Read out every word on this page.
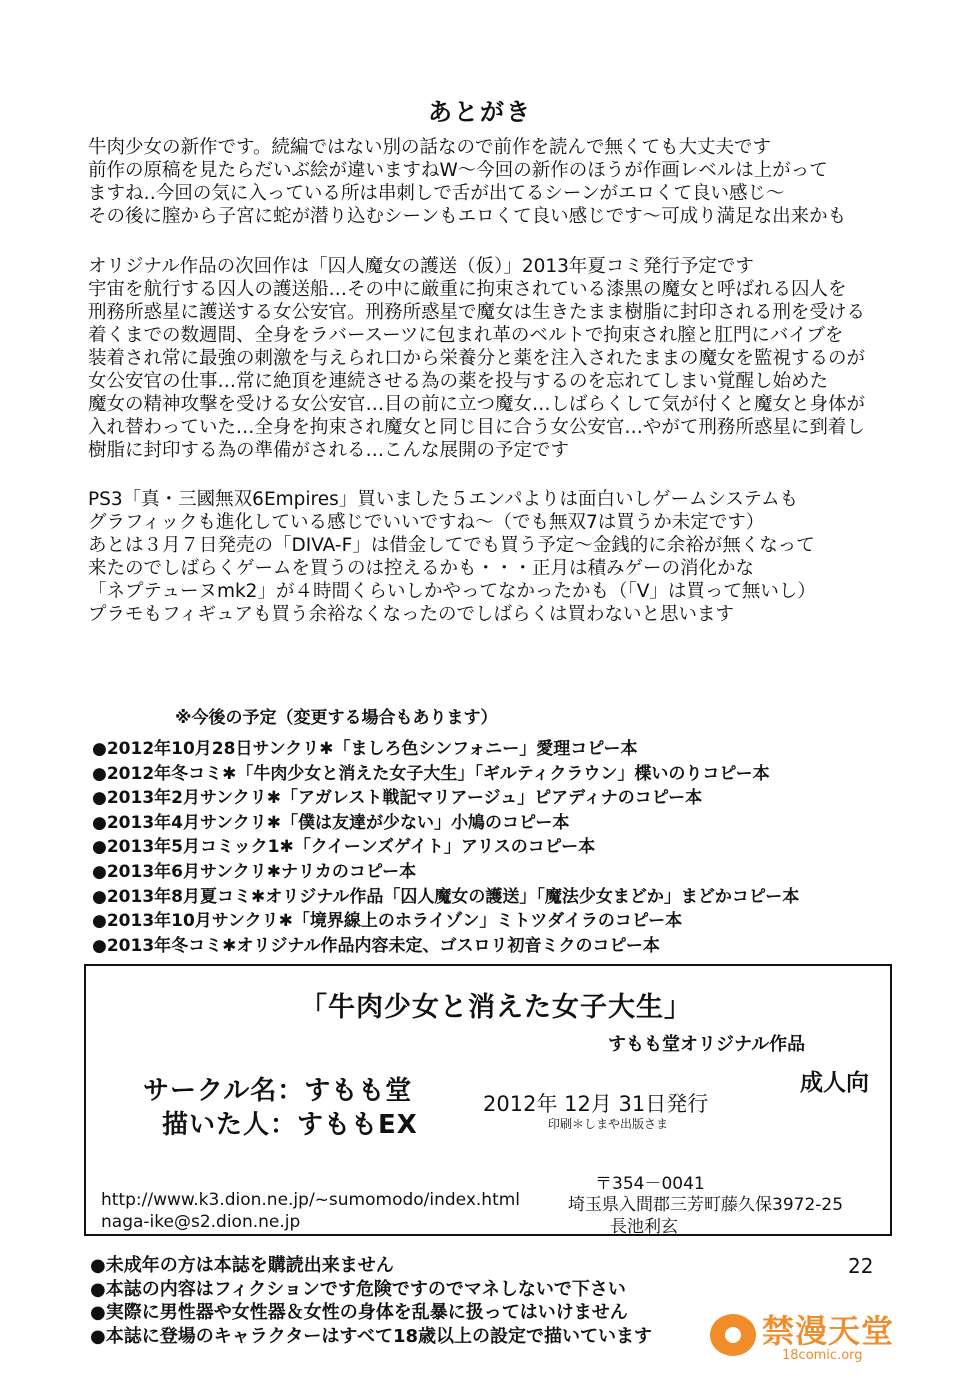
あとがき
牛肉少女の新作です。続編ではない別の話なので前作を読んで無くても大丈夫です
前作の原稿を見たらだいぶ絵が違いますねW～今回の新作のほうが作画レベルは上がって
ますね‥今回の気に入っている所は串刺しで舌が出てるシーンがエロくて良い感じ～
その後に膣から子宮に蛇が潜り込むシーンもエロくて良い感じです～可成り満足な出来かも
オリジナル作品の次回作は「囚人魔女の護送（仮）」2013年夏コミ発行予定です
宇宙を航行する囚人の護送船…その中に厳重に拘束されている漆黒の魔女と呼ばれる囚人を
刑務所惑星に護送する女公安官。刑務所惑星で魔女は生きたまま樹脂に封印される刑を受ける
着くまでの数週間、全身をラバースーツに包まれ革のベルトで拘束され膣と肛門にバイブを
装着され常に最強の刺激を与えられ口から栄養分と薬を注入されたままの魔女を監視するのが
女公安官の仕事…常に絶頂を連続させる為の薬を投与するのを忘れてしまい覚醒し始めた
魔女の精神攻撃を受ける女公安官…目の前に立つ魔女…しばらくして気が付くと魔女と身体が
入れ替わっていた…全身を拘束され魔女と同じ目に合う女公安官…やがて刑務所惑星に到着し
樹脂に封印する為の準備がされる…こんな展開の予定です
PS3「真・三國無双6Empires」買いました５エンパよりは面白いしゲームシステムも
グラフィックも進化している感じでいいですね～（でも無双7は買うか未定です）
あとは３月７日発売の「DIVA-F」は借金してでも買う予定～金銭的に余裕が無くなって
来たのでしばらくゲームを買うのは控えるかも・・・正月は積みゲーの消化かな
「ネプテューヌmk2」が４時間くらいしかやってなかったかも（「V」は買って無いし）
プラモもフィギュアも買う余裕なくなったのでしばらくは買わないと思います
※今後の予定（変更する場合もあります）
●2012年10月28日サンクリ✱「ましろ色シンフォニー」愛理コピー本
●2012年冬コミ✱「牛肉少女と消えた女子大生」「ギルティクラウン」楪いのりコピー本
●2013年2月サンクリ✱「アガレスト戦記マリアージュ」ピアディナのコピー本
●2013年4月サンクリ✱「僕は友達が少ない」小鳩のコピー本
●2013年5月コミック1✱「クイーンズゲイト」アリスのコピー本
●2013年6月サンクリ✱ナリカのコピー本
●2013年8月夏コミ✱オリジナル作品「囚人魔女の護送」「魔法少女まどか」まどかコピー本
●2013年10月サンクリ✱「境界線上のホライゾン」ミトツダイラのコピー本
●2013年冬コミ✱オリジナル作品内容未定、ゴスロリ初音ミクのコピー本
「牛肉少女と消えた女子大生」
すもも堂オリジナル作品
成人向
サークル名：すもも堂
描いた人：すももEX
2012年 12月 31日発行
印刷＊しまや出版さま
〒354－0041
埼玉県入間郡三芳町藤久保3972-25
長池利玄
http://www.k3.dion.ne.jp/~sumomodo/index.html
naga-ike@s2.dion.ne.jp
●未成年の方は本誌を購読出来ません
●本誌の内容はフィクションです危険ですのでマネしないで下さい
●実際に男性器や女性器＆女性の身体を乱暴に扱ってはいけません
●本誌に登場のキャラクターはすべて18歳以上の設定で描いています
22
禁漫天堂
18comic.org
